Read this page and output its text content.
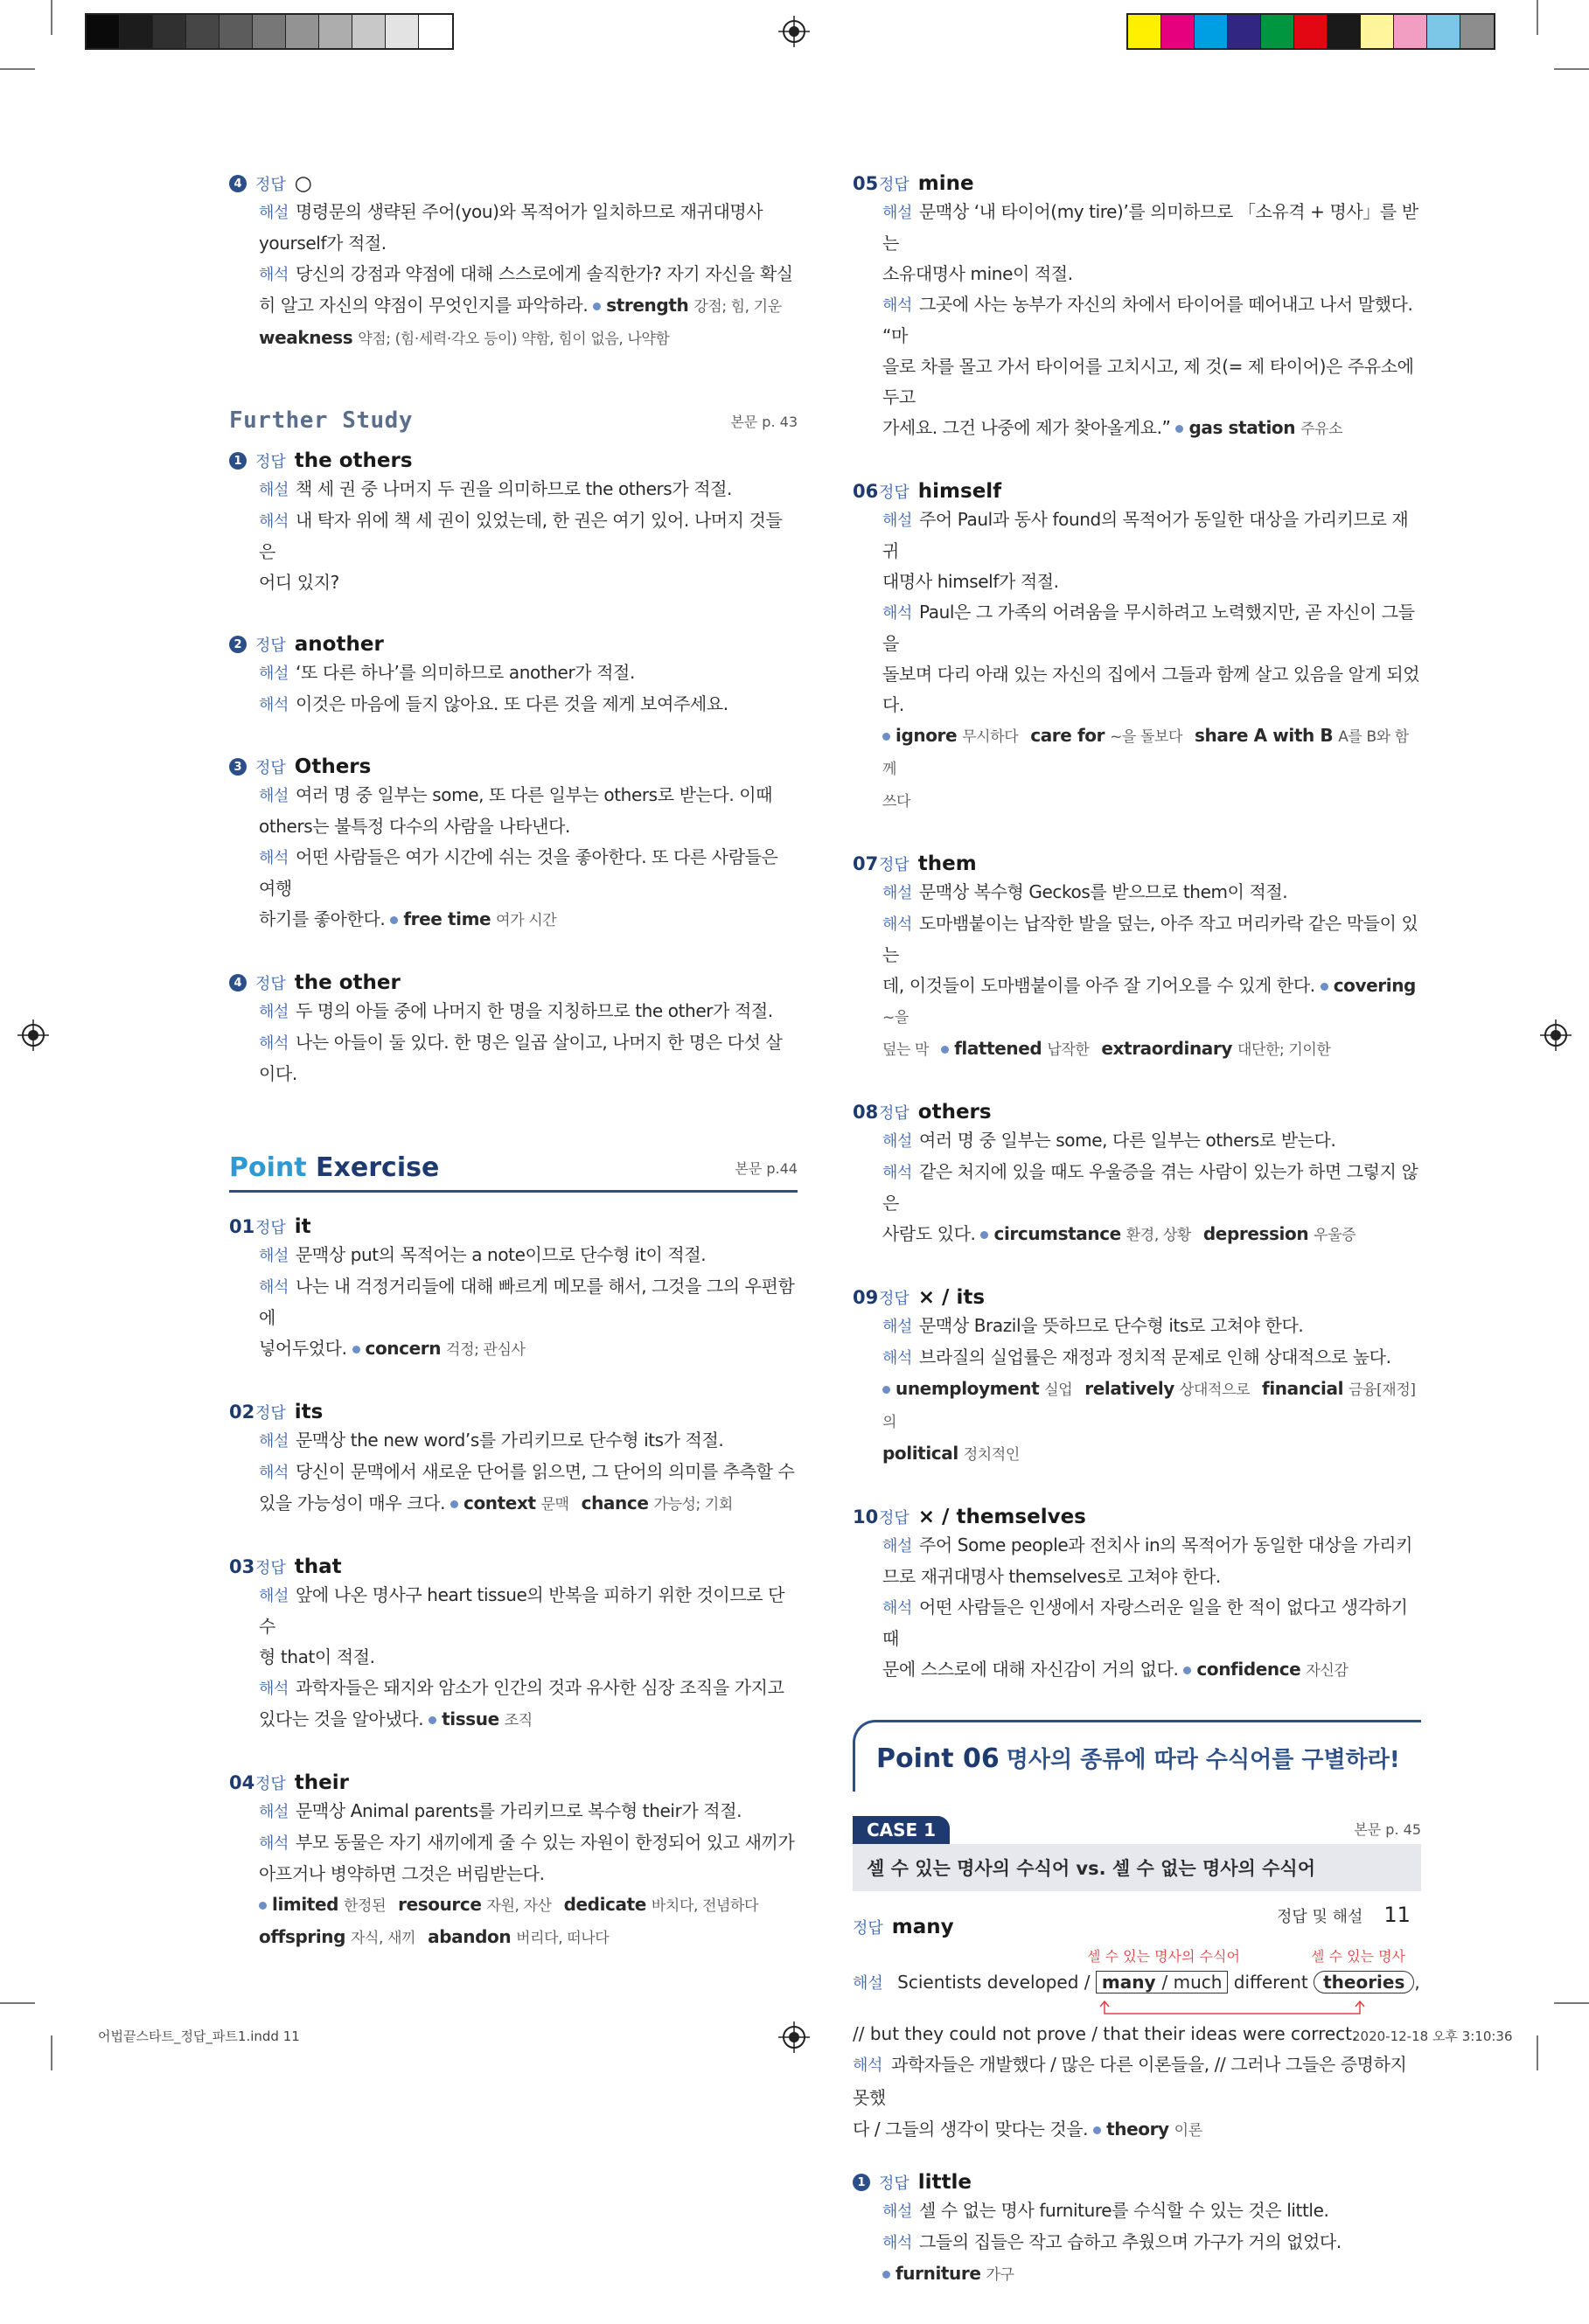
4 정답 ○
해설 명령문의 생략된 주어(you)와 목적어가 일치하므로 재귀대명사
yourself가 적절.
해석 당신의 강점과 약점에 대해 스스로에게 솔직한가? 자기 자신을 확실
히 알고 자신의 약점이 무엇인지를 파악하라. strength 강점; 힘, 기운
weakness 약점; (힘·세력·각오 등이) 약함, 힘이 없음, 나약함
Further Study	본문 p. 43
1 정답 the others
해설 책 세 권 중 나머지 두 권을 의미하므로 the others가 적절.
해석 내 탁자 위에 책 세 권이 있었는데, 한 권은 여기 있어. 나머지 것들은
어디 있지?
2 정답 another
해설 ‘또 다른 하나’를 의미하므로 another가 적절.
해석 이것은 마음에 들지 않아요. 또 다른 것을 제게 보여주세요.
3 정답 Others
해설 여러 명 중 일부는 some, 또 다른 일부는 others로 받는다. 이때
others는 불특정 다수의 사람을 나타낸다.
해석 어떤 사람들은 여가 시간에 쉬는 것을 좋아한다. 또 다른 사람들은 여행
하기를 좋아한다. free time 여가 시간
4 정답 the other
해설 두 명의 아들 중에 나머지 한 명을 지칭하므로 the other가 적절.
해석 나는 아들이 둘 있다. 한 명은 일곱 살이고, 나머지 한 명은 다섯 살이다.
Point Exercise	본문 p.44
01 정답 it
해설 문맥상 put의 목적어는 a note이므로 단수형 it이 적절.
해석 나는 내 걱정거리들에 대해 빠르게 메모를 해서, 그것을 그의 우편함에
넣어두었다. concern 걱정; 관심사
02 정답 its
해설 문맥상 the new word’s를 가리키므로 단수형 its가 적절.
해석 당신이 문맥에서 새로운 단어를 읽으면, 그 단어의 의미를 추측할 수
있을 가능성이 매우 크다. context 문맥 chance 가능성; 기회
03 정답 that
해설 앞에 나온 명사구 heart tissue의 반복을 피하기 위한 것이므로 단수
형 that이 적절.
해석 과학자들은 돼지와 암소가 인간의 것과 유사한 심장 조직을 가지고
있다는 것을 알아냈다. tissue 조직
04 정답 their
해설 문맥상 Animal parents를 가리키므로 복수형 their가 적절.
해석 부모 동물은 자기 새끼에게 줄 수 있는 자원이 한정되어 있고 새끼가
아프거나 병약하면 그것은 버림받는다.
limited 한정된 resource 자원, 자산 dedicate 바치다, 전념하다
offspring 자식, 새끼 abandon 버리다, 떠나다
05 정답 mine
해설 문맥상 ‘내 타이어(my tire)’를 의미하므로 「소유격 + 명사」를 받는
소유대명사 mine이 적절.
해석 그곳에 사는 농부가 자신의 차에서 타이어를 떼어내고 나서 말했다. “마
을로 차를 몰고 가서 타이어를 고치시고, 제 것(= 제 타이어)은 주유소에 두고
가세요. 그건 나중에 제가 찾아올게요.” gas station 주유소
06 정답 himself
해설 주어 Paul과 동사 found의 목적어가 동일한 대상을 가리키므로 재귀
대명사 himself가 적절.
해석 Paul은 그 가족의 어려움을 무시하려고 노력했지만, 곧 자신이 그들을
돌보며 다리 아래 있는 자신의 집에서 그들과 함께 살고 있음을 알게 되었다.
ignore 무시하다 care for ~을 돌보다 share A with B A를 B와 함께
쓰다
07 정답 them
해설 문맥상 복수형 Geckos를 받으므로 them이 적절.
해석 도마뱀붙이는 납작한 발을 덮는, 아주 작고 머리카락 같은 막들이 있는
데, 이것들이 도마뱀붙이를 아주 잘 기어오를 수 있게 한다. covering ~을
덮는 막 flattened 납작한 extraordinary 대단한; 기이한
08 정답 others
해설 여러 명 중 일부는 some, 다른 일부는 others로 받는다.
해석 같은 처지에 있을 때도 우울증을 겪는 사람이 있는가 하면 그렇지 않은
사람도 있다. circumstance 환경, 상황 depression 우울증
09 정답 × / its
해설 문맥상 Brazil을 뜻하므로 단수형 its로 고쳐야 한다.
해석 브라질의 실업률은 재정과 정치적 문제로 인해 상대적으로 높다.
unemployment 실업 relatively 상대적으로 financial 금융[재정]의
political 정치적인
10 정답 × / themselves
해설 주어 Some people과 전치사 in의 목적어가 동일한 대상을 가리키
므로 재귀대명사 themselves로 고쳐야 한다.
해석 어떤 사람들은 인생에서 자랑스러운 일을 한 적이 없다고 생각하기 때
문에 스스로에 대해 자신감이 거의 없다. confidence 자신감
Point 06 명사의 종류에 따라 수식어를 구별하라!
CASE 1	본문 p. 45
셀 수 있는 명사의 수식어 vs. 셀 수 없는 명사의 수식어
정답 many
셀 수 있는 명사의 수식어	셀 수 있는 명사
해설 Scientists developed / many / much different theories ,
// but they could not prove / that their ideas were correct.
해석 과학자들은 개발했다 / 많은 다른 이론들을, // 그러나 그들은 증명하지 못했
다 / 그들의 생각이 맞다는 것을. theory 이론
1 정답 little
해설 셀 수 없는 명사 furniture를 수식할 수 있는 것은 little.
해석 그들의 집들은 작고 습하고 추웠으며 가구가 거의 없었다.
furniture 가구
정답 및 해설 11
어법끝스타트_정답_파트1.indd 11	2020-12-18 오후 3:10:36
